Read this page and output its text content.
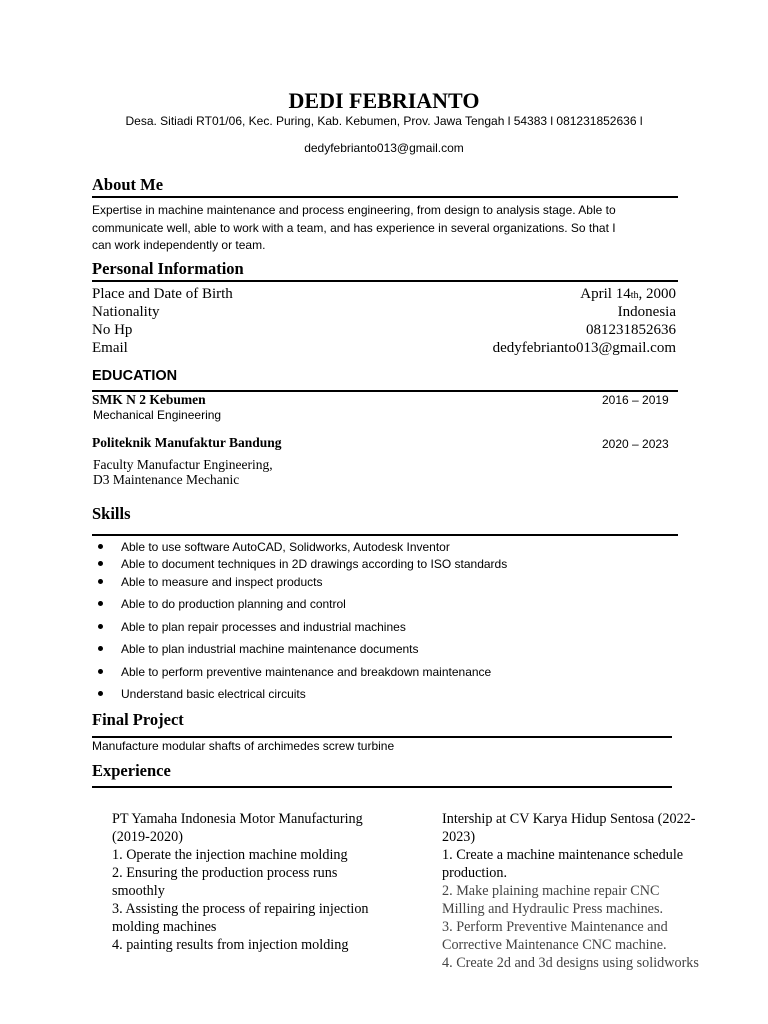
DEDI FEBRIANTO
Desa. Sitiadi RT01/06, Kec. Puring, Kab. Kebumen, Prov. Jawa Tengah l 54383 l 081231852636 l
dedyfebrianto013@gmail.com
About Me
Expertise in machine maintenance and process engineering, from design to analysis stage. Able to
communicate well, able to work with a team, and has experience in several organizations. So that I
can work independently or team.
Personal Information
Place and Date of Birth	April 14th, 2000
Nationality	Indonesia
No Hp	081231852636
Email	dedyfebrianto013@gmail.com
EDUCATION
SMK N 2 Kebumen	2016 – 2019
Mechanical Engineering
Politeknik Manufaktur Bandung	2020 – 2023
Faculty Manufactur Engineering,
D3 Maintenance Mechanic
Skills
Able to use software AutoCAD, Solidworks, Autodesk Inventor
Able to document techniques in 2D drawings according to ISO standards
Able to measure and inspect products
Able to do production planning and control
Able to plan repair processes and industrial machines
Able to plan industrial machine maintenance documents
Able to perform preventive maintenance and breakdown maintenance
Understand basic electrical circuits
Final Project
Manufacture modular shafts of archimedes screw turbine
Experience
PT Yamaha Indonesia Motor Manufacturing
(2019-2020)
1. Operate the injection machine molding
2. Ensuring the production process runs
smoothly
3. Assisting the process of repairing injection
molding machines
4. painting results from injection molding
Intership at CV Karya Hidup Sentosa (2022-
2023)
1. Create a machine maintenance schedule
production.
2. Make plaining machine repair CNC
Milling and Hydraulic Press machines.
3. Perform Preventive Maintenance and
Corrective Maintenance CNC machine.
4. Create 2d and 3d designs using solidworks
